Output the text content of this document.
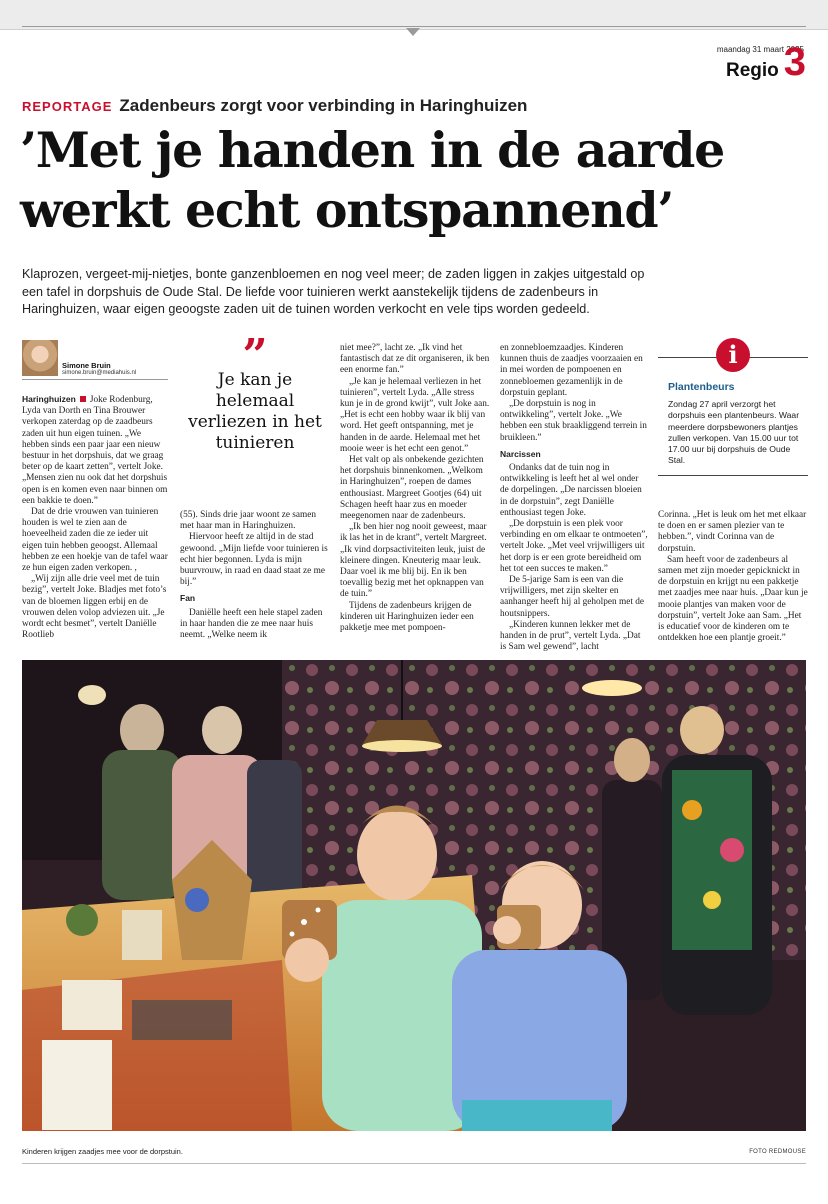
maandag 31 maart 2025
Regio 3
REPORTAGE Zadenbeurs zorgt voor verbinding in Haringhuizen
’Met je handen in de aarde
werkt echt ontspannend’

Klaprozen, vergeet-mij-nietjes, bonte ganzenbloemen en nog veel meer; de zaden liggen in zakjes uitgestald op een tafel in dorpshuis de Oude Stal. De liefde voor tuinieren werkt aanstekelijk tijdens de zadenbeurs in Haringhuizen, waar eigen geoogste zaden uit de tuinen worden verkocht en vele tips worden gedeeld.

Simone Bruin
simone.bruin@mediahuis.nl

Haringhuizen Joke Rodenburg, Lyda van Dorth en Tina Brouwer verkopen zaterdag op de zaadbeurs zaden uit hun eigen tuinen. „We hebben sinds een paar jaar een nieuw bestuur in het dorpshuis, dat we graag beter op de kaart zetten”, vertelt Joke. „Mensen zien nu ook dat het dorpshuis open is en komen even naar binnen om een bakkie te doen.”

Dat de drie vrouwen van tuinieren houden is wel te zien aan de hoeveelheid zaden die ze ieder uit eigen tuin hebben geoogst. Allemaal hebben ze een hoekje van de tafel waar ze hun eigen zaden verkopen. ,

„Wij zijn alle drie veel met de tuin bezig”, vertelt Joke. Bladjes met foto’s van de bloemen liggen erbij en de vrouwen delen volop adviezen uit. „Je wordt echt besmet”, vertelt Daniëlle Rootlieb

”
Je kan je helemaal verliezen in het tuinieren

(55). Sinds drie jaar woont ze samen met haar man in Haringhuizen.

Hiervoor heeft ze altijd in de stad gewoond. „Mijn liefde voor tuinieren is echt hier begonnen. Lyda is mijn buurvrouw, in raad en daad staat ze me bij.”

Fan

Daniëlle heeft een hele stapel zaden in haar handen die ze mee naar huis neemt. „Welke neem ik

niet mee?”, lacht ze. „Ik vind het fantastisch dat ze dit organiseren, ik ben een enorme fan.”

„Je kan je helemaal verliezen in het tuinieren”, vertelt Lyda. „Alle stress kun je in de grond kwijt”, vult Joke aan. „Het is echt een hobby waar ik blij van word. Het geeft ontspanning, met je handen in de aarde. Helemaal met het mooie weer is het echt een genot.”

Het valt op als onbekende gezichten het dorpshuis binnenkomen. „Welkom in Haringhuizen”, roepen de dames enthousiast. Margreet Gootjes (64) uit Schagen heeft haar zus en moeder meegenomen naar de zadenbeurs.

„Ik ben hier nog nooit geweest, maar ik las het in de krant”, vertelt Margreet. „Ik vind dorpsactiviteiten leuk, juist de kleinere dingen. Kneuterig maar leuk. Daar voel ik me blij bij. En ik ben toevallig bezig met het opknappen van de tuin.”

Tijdens de zadenbeurs krijgen de kinderen uit Haringhuizen ieder een pakketje mee met pompoen-

en zonnebloemzaadjes. Kinderen kunnen thuis de zaadjes voorzaaien en in mei worden de pompoenen en zonnebloemen gezamenlijk in de dorpstuin geplant.

„De dorpstuin is nog in ontwikkeling”, vertelt Joke. „We hebben een stuk braakliggend terrein in bruikleen.”

Narcissen

Ondanks dat de tuin nog in ontwikkeling is leeft het al wel onder de dorpelingen. „De narcissen bloeien in de dorpstuin”, zegt Daniëlle enthousiast tegen Joke.

„De dorpstuin is een plek voor verbinding en om elkaar te ontmoeten”, vertelt Joke. „Met veel vrijwilligers uit het dorp is er een grote bereidheid om het tot een succes te maken.”

De 5-jarige Sam is een van die vrijwilligers, met zijn skelter en aanhanger heeft hij al geholpen met de houtsnippers.

„Kinderen kunnen lekker met de handen in de prut”, vertelt Lyda. „Dat is Sam wel gewend”, lacht

i
Plantenbeurs
Zondag 27 april verzorgt het dorpshuis een plantenbeurs. Waar meerdere dorpsbewoners plantjes zullen verkopen. Van 15.00 uur tot 17.00 uur bij dorpshuis de Oude Stal.

Corinna. „Het is leuk om het met elkaar te doen en er samen plezier van te hebben.”, vindt Corinna van de dorpstuin.

Sam heeft voor de zadenbeurs al samen met zijn moeder gepicknickt in de dorpstuin en krijgt nu een pakketje met zaadjes mee naar huis. „Daar kun je mooie plantjes van maken voor de dorpstuin”, vertelt Joke aan Sam. „Het is educatief voor de kinderen om te ontdekken hoe een plantje groeit.”

Kinderen krijgen zaadjes mee voor de dorpstuin.	FOTO REDMOUSE
